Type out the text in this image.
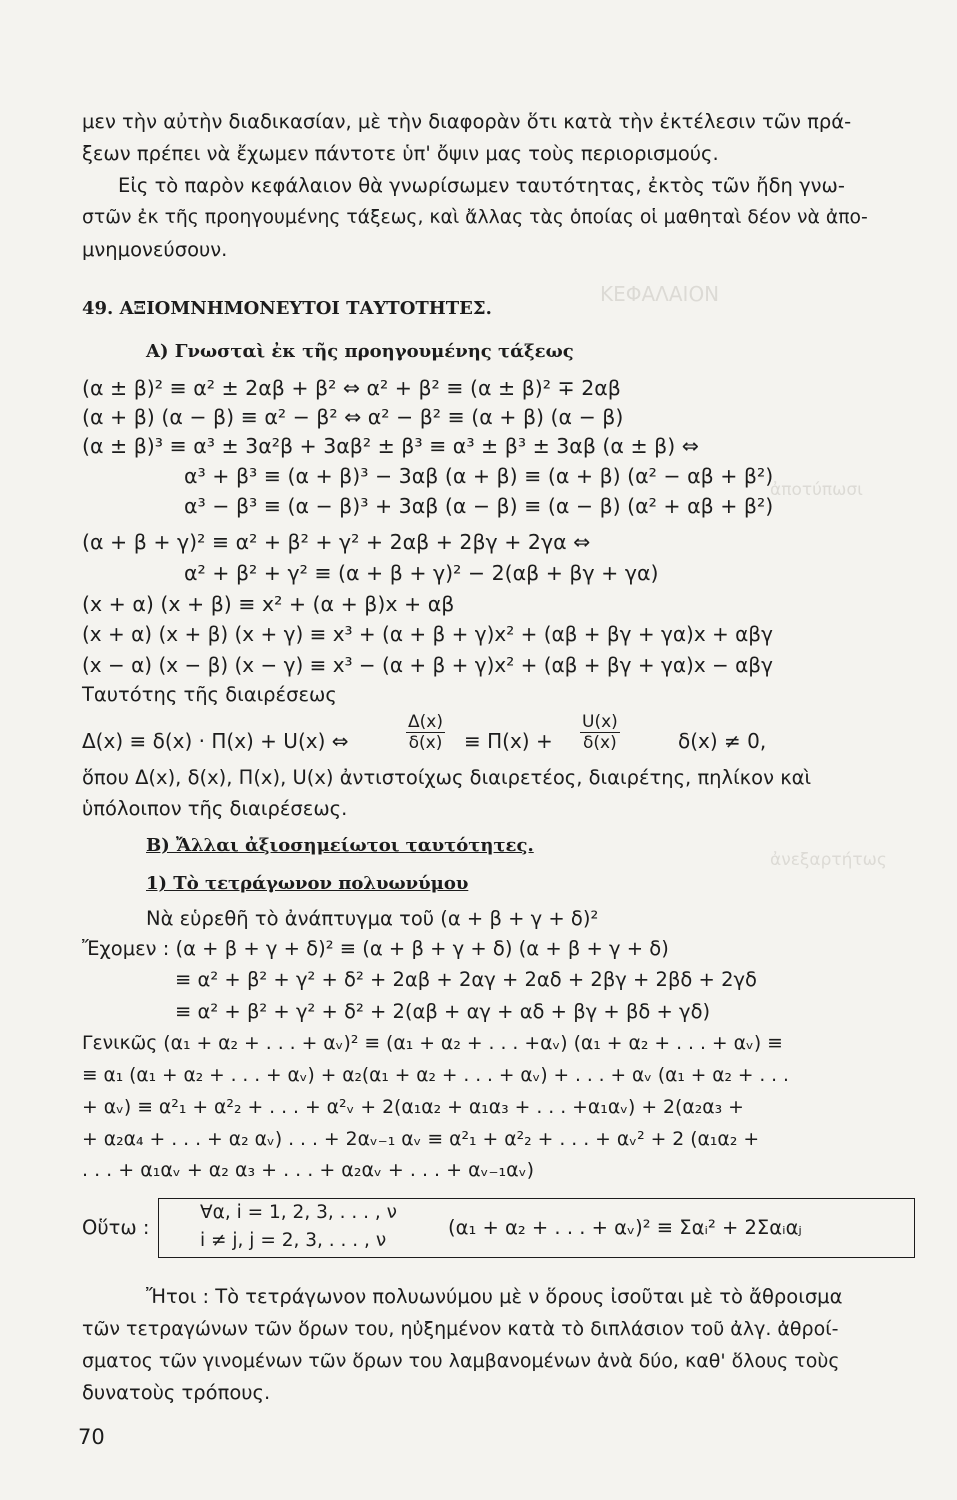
ΚΕΦΑΛΑΙΟΝ
ἀποτύπωσι
ἀνεξαρτήτως
μεν τὴν αὐτὴν διαδικασίαν, μὲ τὴν διαφορὰν ὅτι κατὰ τὴν ἐκτέλεσιν τῶν πρά-
ξεων πρέπει νὰ ἔχωμεν πάντοτε ὑπ' ὄψιν μας τοὺς περιορισμούς.
Εἰς τὸ παρὸν κεφάλαιον θὰ γνωρίσωμεν ταυτότητας, ἐκτὸς τῶν ἤδη γνω-
στῶν ἐκ τῆς προηγουμένης τάξεως, καὶ ἄλλας τὰς ὁποίας οἱ μαθηταὶ δέον νὰ ἀπο-
μνημονεύσουν.
49. ΑΞΙΟΜΝΗΜΟΝΕΥΤΟΙ ΤΑΥΤΟΤΗΤΕΣ.
Α) Γνωσταὶ ἐκ τῆς προηγουμένης τάξεως
(α ± β)² ≡ α² ± 2αβ + β² ⇔ α² + β² ≡ (α ± β)² ∓ 2αβ
(α + β) (α − β) ≡ α² − β² ⇔ α² − β² ≡ (α + β) (α − β)
(α ± β)³ ≡ α³ ± 3α²β + 3αβ² ± β³ ≡ α³ ± β³ ± 3αβ (α ± β) ⇔
α³ + β³ ≡ (α + β)³ − 3αβ (α + β) ≡ (α + β) (α² − αβ + β²)
α³ − β³ ≡ (α − β)³ + 3αβ (α − β) ≡ (α − β) (α² + αβ + β²)
(α + β + γ)² ≡ α² + β² + γ² + 2αβ + 2βγ + 2γα ⇔
α² + β² + γ² ≡ (α + β + γ)² − 2(αβ + βγ + γα)
(x + α) (x + β) ≡ x² + (α + β)x + αβ
(x + α) (x + β) (x + γ) ≡ x³ + (α + β + γ)x² + (αβ + βγ + γα)x + αβγ
(x − α) (x − β) (x − γ) ≡ x³ − (α + β + γ)x² + (αβ + βγ + γα)x − αβγ
Ταυτότης τῆς διαιρέσεως
Δ(x) ≡ δ(x) · Π(x) + U(x) ⇔	$\frac{\Delta(x)}{\delta(x)} \equiv \Pi(x) + \frac{U(x)}{\delta(x)}$	δ(x) ≠ 0,
ὅπου Δ(x), δ(x), Π(x), U(x) ἀντιστοίχως διαιρετέος, διαιρέτης, πηλίκον καὶ
ὑπόλοιπον τῆς διαιρέσεως.
Β) Ἄλλαι ἀξιοσημείωτοι ταυτότητες.
1) Τὸ τετράγωνον πολυωνύμου
Νὰ εὑρεθῆ τὸ ἀνάπτυγμα τοῦ (α + β + γ + δ)²
Ἔχομεν : (α + β + γ + δ)² ≡ (α + β + γ + δ) (α + β + γ + δ)
≡ α² + β² + γ² + δ² + 2αβ + 2αγ + 2αδ + 2βγ + 2βδ + 2γδ
≡ α² + β² + γ² + δ² + 2(αβ + αγ + αδ + βγ + βδ + γδ)
Γενικῶς (α₁ + α₂ + . . . + αᵥ)² ≡ (α₁ + α₂ + . . . +αᵥ) (α₁ + α₂ + . . . + αᵥ) ≡
≡ α₁ (α₁ + α₂ + . . . + αᵥ) + α₂(α₁ + α₂ + . . . + αᵥ) + . . . + αᵥ (α₁ + α₂ + . . .
+ αᵥ) ≡ α²₁ + α²₂ + . . . + α²ᵥ + 2(α₁α₂ + α₁α₃ + . . . +α₁αᵥ) + 2(α₂α₃ +
+ α₂α₄ + . . . + α₂ αᵥ) . . . + 2αᵥ₋₁ αᵥ ≡ α²₁ + α²₂ + . . . + αᵥ² + 2 (α₁α₂ +
. . . + α₁αᵥ + α₂ α₃ + . . . + α₂αᵥ + . . . + αᵥ₋₁αᵥ)
Οὕτω :
∀α, i = 1, 2, 3, . . . , ν
i ≠ j, j = 2, 3, . . . , ν
(α₁ + α₂ + . . . + αᵥ)² ≡ Σαᵢ² + 2Σαᵢαⱼ
Ἤτοι : Τὸ τετράγωνον πολυωνύμου μὲ ν ὅρους ἰσοῦται μὲ τὸ ἄθροισμα
τῶν τετραγώνων τῶν ὅρων του, ηὐξημένον κατὰ τὸ διπλάσιον τοῦ ἀλγ. ἀθροί-
σματος τῶν γινομένων τῶν ὅρων του λαμβανομένων ἀνὰ δύο, καθ' ὅλους τοὺς
δυνατοὺς τρόπους.
70
